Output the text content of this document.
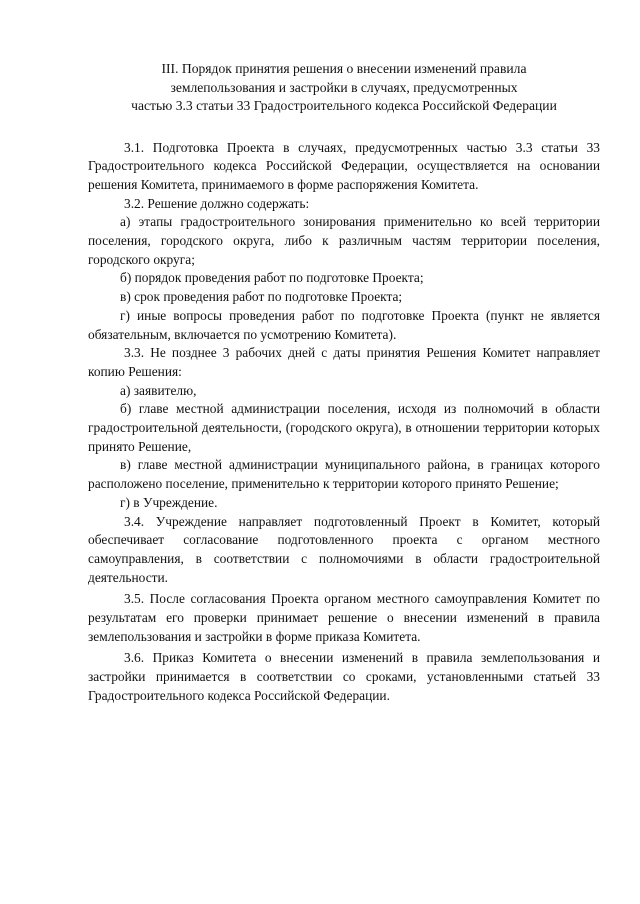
III. Порядок принятия решения о внесении изменений правила
землепользования и застройки в случаях, предусмотренных
частью 3.3 статьи 33 Градостроительного кодекса Российской Федерации

3.1. Подготовка Проекта в случаях, предусмотренных частью 3.3 статьи 33 Градостроительного кодекса Российской Федерации, осуществляется на основании решения Комитета, принимаемого в форме распоряжения Комитета.

3.2. Решение должно содержать:

а) этапы градостроительного зонирования применительно ко всей территории поселения, городского округа, либо к различным частям территории поселения, городского округа;

б) порядок проведения работ по подготовке Проекта;

в) срок проведения работ по подготовке Проекта;

г) иные вопросы проведения работ по подготовке Проекта (пункт не является обязательным, включается по усмотрению Комитета).

3.3. Не позднее 3 рабочих дней с даты принятия Решения Комитет направляет копию Решения:

а) заявителю,

б) главе местной администрации поселения, исходя из полномочий в области градостроительной деятельности, (городского округа), в отношении территории которых принято Решение,

в) главе местной администрации муниципального района, в границах которого расположено поселение, применительно к территории которого принято Решение;

г) в Учреждение.

3.4. Учреждение направляет подготовленный Проект в Комитет, который обеспечивает согласование подготовленного проекта с органом местного самоуправления, в соответствии с полномочиями в области градостроительной деятельности.

3.5. После согласования Проекта органом местного самоуправления Комитет по результатам его проверки принимает решение о внесении изменений в правила землепользования и застройки в форме приказа Комитета.

3.6. Приказ Комитета о внесении изменений в правила землепользования и застройки принимается в соответствии со сроками, установленными статьей 33 Градостроительного кодекса Российской Федерации.
